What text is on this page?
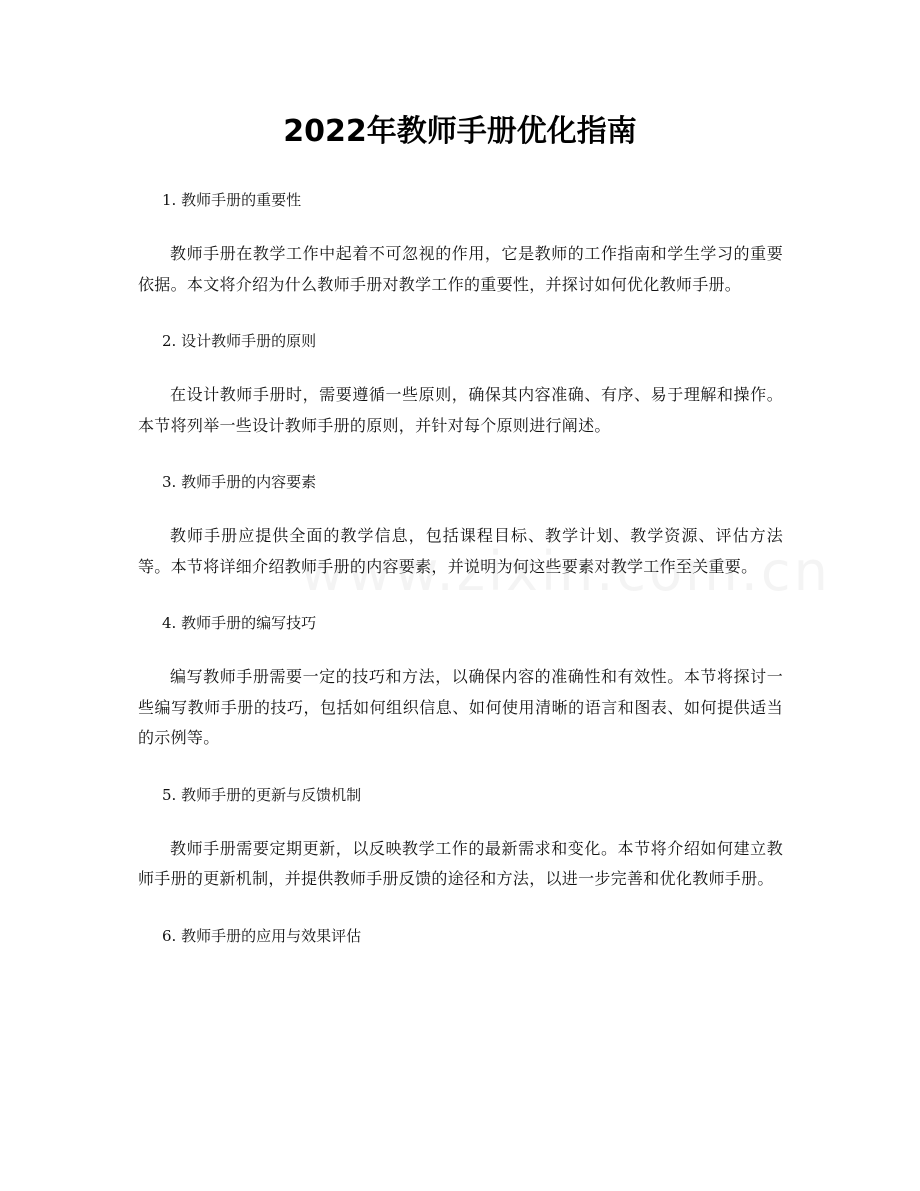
2022年教师手册优化指南
1. 教师手册的重要性

教师手册在教学工作中起着不可忽视的作用，它是教师的工作指南和学生学习的重要依据。本文将介绍为什么教师手册对教学工作的重要性，并探讨如何优化教师手册。

2. 设计教师手册的原则

在设计教师手册时，需要遵循一些原则，确保其内容准确、有序、易于理解和操作。本节将列举一些设计教师手册的原则，并针对每个原则进行阐述。

3. 教师手册的内容要素

教师手册应提供全面的教学信息，包括课程目标、教学计划、教学资源、评估方法等。本节将详细介绍教师手册的内容要素，并说明为何这些要素对教学工作至关重要。

4. 教师手册的编写技巧

编写教师手册需要一定的技巧和方法，以确保内容的准确性和有效性。本节将探讨一些编写教师手册的技巧，包括如何组织信息、如何使用清晰的语言和图表、如何提供适当的示例等。

5. 教师手册的更新与反馈机制

教师手册需要定期更新，以反映教学工作的最新需求和变化。本节将介绍如何建立教师手册的更新机制，并提供教师手册反馈的途径和方法，以进一步完善和优化教师手册。

6. 教师手册的应用与效果评估
